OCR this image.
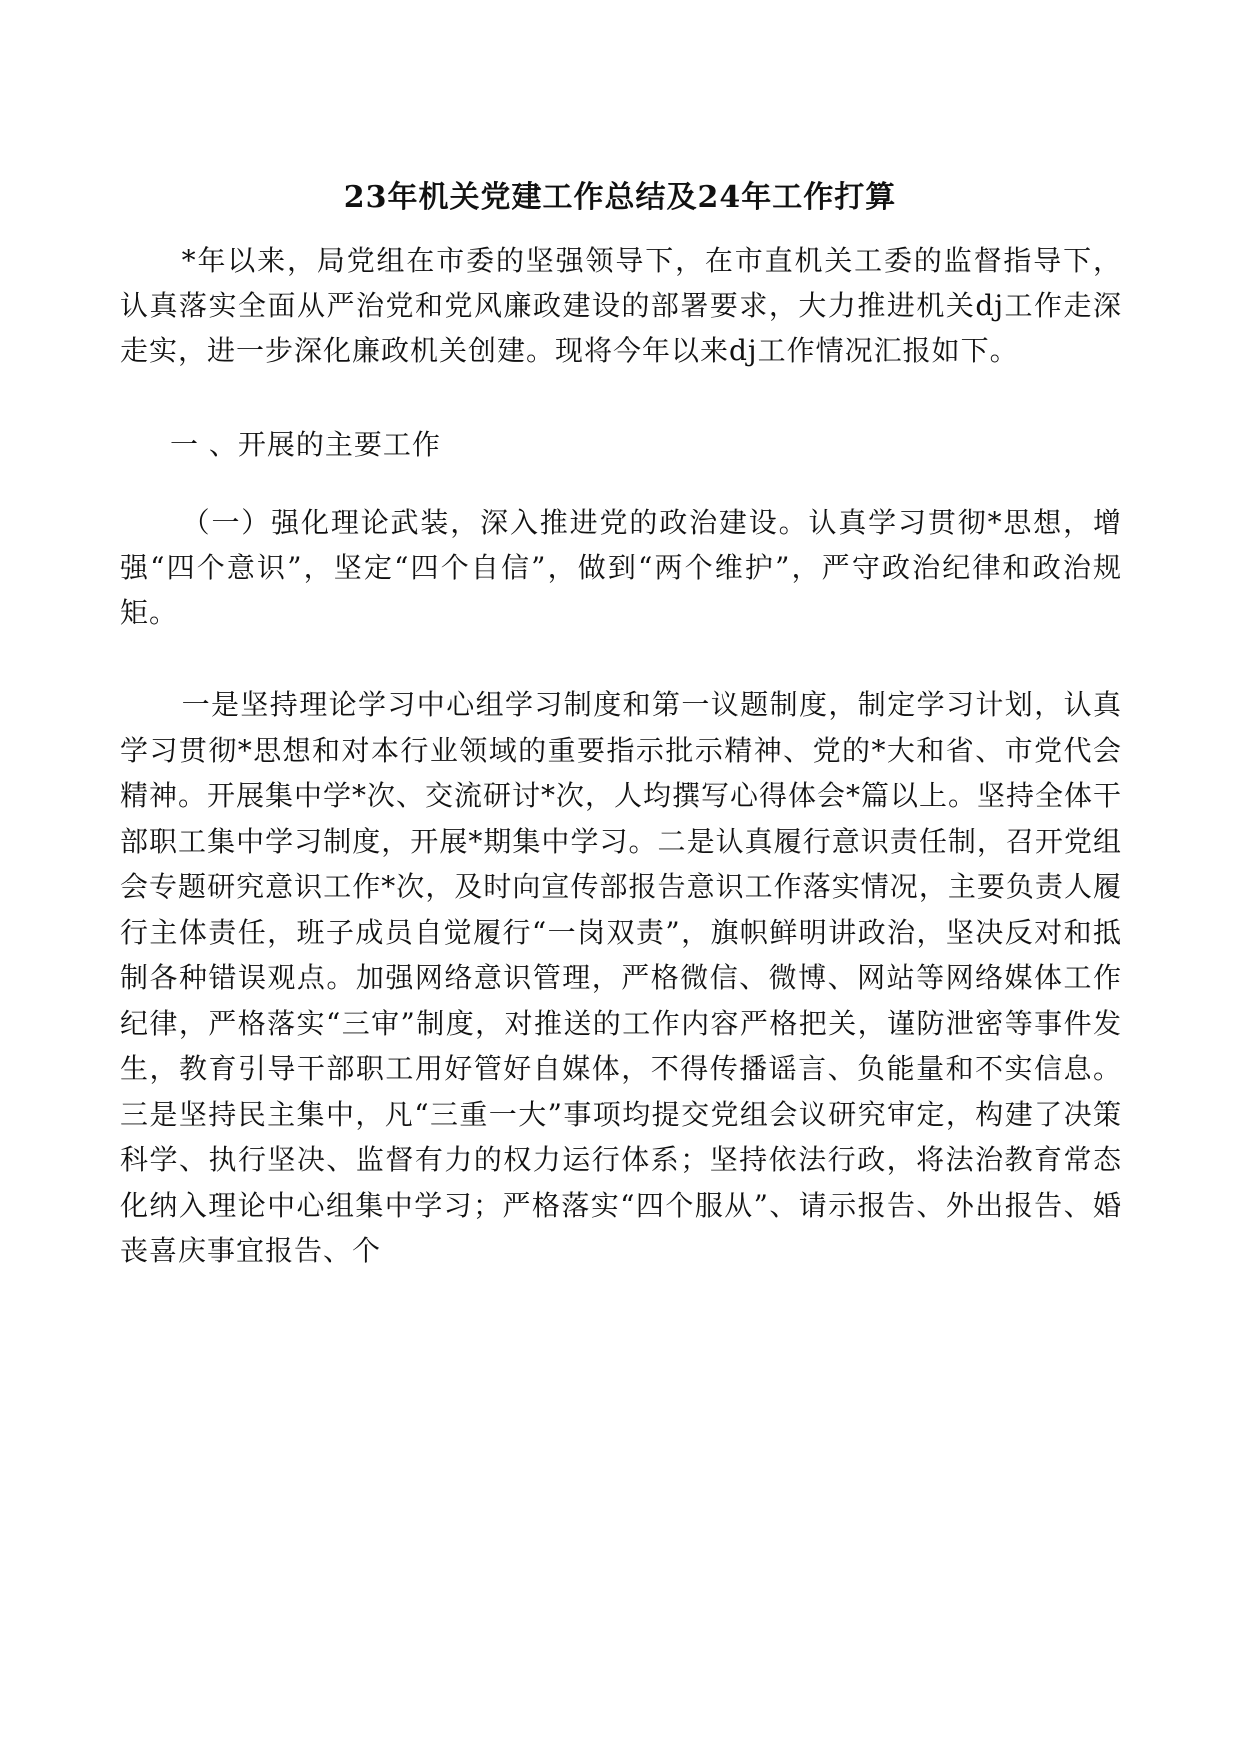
23年机关党建工作总结及24年工作打算

*年以来，局党组在市委的坚强领导下，在市直机关工委的监督指导下，认真落实全面从严治党和党风廉政建设的部署要求，大力推进机关dj工作走深走实，进一步深化廉政机关创建。现将今年以来dj工作情况汇报如下。

一 、开展的主要工作

（一）强化理论武装，深入推进党的政治建设。认真学习贯彻*思想，增强“四个意识”，坚定“四个自信”，做到“两个维护”，严守政治纪律和政治规矩。

一是坚持理论学习中心组学习制度和第一议题制度，制定学习计划，认真学习贯彻*思想和对本行业领域的重要指示批示精神、党的*大和省、市党代会精神。开展集中学*次、交流研讨*次，人均撰写心得体会*篇以上。坚持全体干部职工集中学习制度，开展*期集中学习。二是认真履行意识责任制，召开党组会专题研究意识工作*次，及时向宣传部报告意识工作落实情况，主要负责人履行主体责任，班子成员自觉履行“一岗双责”，旗帜鲜明讲政治，坚决反对和抵制各种错误观点。加强网络意识管理，严格微信、微博、网站等网络媒体工作纪律，严格落实“三审”制度，对推送的工作内容严格把关，谨防泄密等事件发生，教育引导干部职工用好管好自媒体，不得传播谣言、负能量和不实信息。三是坚持民主集中，凡“三重一大”事项均提交党组会议研究审定，构建了决策科学、执行坚决、监督有力的权力运行体系；坚持依法行政，将法治教育常态化纳入理论中心组集中学习；严格落实“四个服从”、请示报告、外出报告、婚丧喜庆事宜报告、个
